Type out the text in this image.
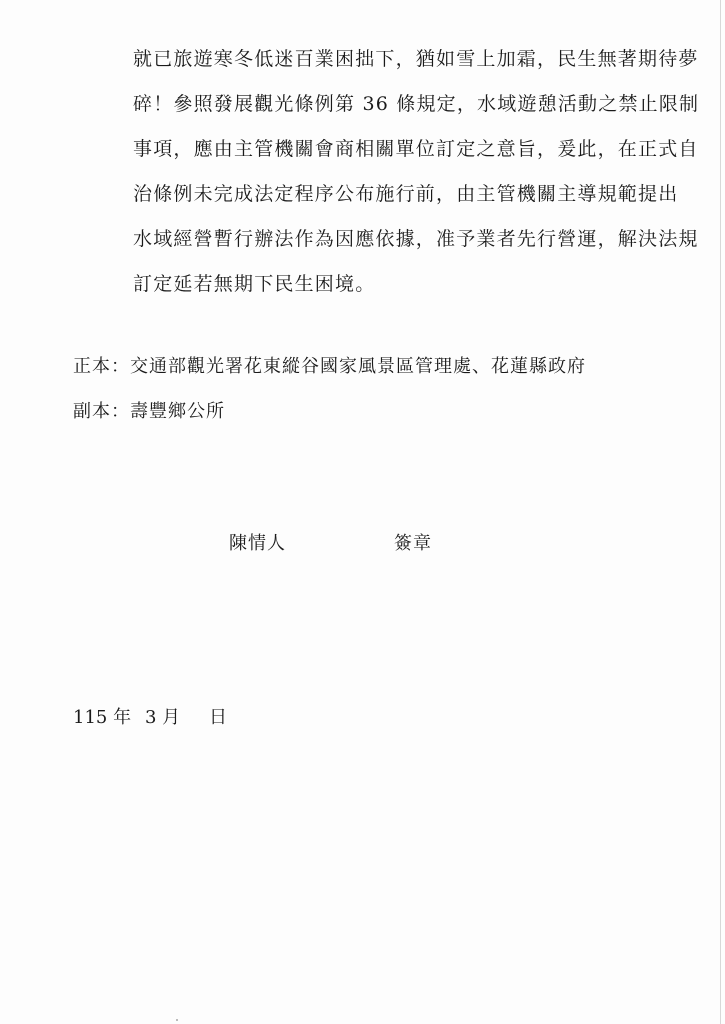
就已旅遊寒冬低迷百業困拙下，猶如雪上加霜，民生無著期待夢
碎！參照發展觀光條例第 36 條規定，水域遊憩活動之禁止限制
事項，應由主管機關會商相關單位訂定之意旨，爰此，在正式自
治條例未完成法定程序公布施行前，由主管機關主導規範提出
水域經營暫行辦法作為因應依據，准予業者先行營運，解決法規
訂定延若無期下民生困境。
正本：交通部觀光署花東縱谷國家風景區管理處、花蓮縣政府
副本：壽豐鄉公所
陳情人	簽章
115 年 3 月 日
